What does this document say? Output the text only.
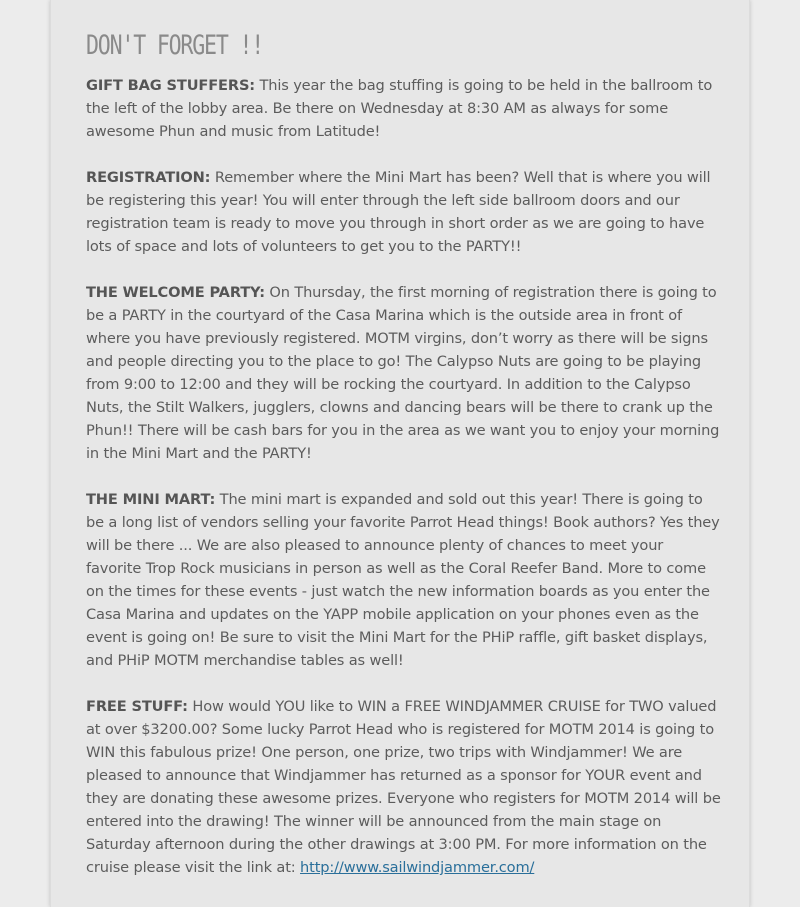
DON'T FORGET !!

GIFT BAG STUFFERS: This year the bag stuffing is going to be held in the ballroom to the left of the lobby area. Be there on Wednesday at 8:30 AM as always for some awesome Phun and music from Latitude!

REGISTRATION: Remember where the Mini Mart has been? Well that is where you will be registering this year! You will enter through the left side ballroom doors and our registration team is ready to move you through in short order as we are going to have lots of space and lots of volunteers to get you to the PARTY!!

THE WELCOME PARTY: On Thursday, the first morning of registration there is going to be a PARTY in the courtyard of the Casa Marina which is the outside area in front of where you have previously registered. MOTM virgins, don’t worry as there will be signs and people directing you to the place to go! The Calypso Nuts are going to be playing from 9:00 to 12:00 and they will be rocking the courtyard. In addition to the Calypso Nuts, the Stilt Walkers, jugglers, clowns and dancing bears will be there to crank up the Phun!! There will be cash bars for you in the area as we want you to enjoy your morning in the Mini Mart and the PARTY!

THE MINI MART: The mini mart is expanded and sold out this year! There is going to be a long list of vendors selling your favorite Parrot Head things! Book authors? Yes they will be there ... We are also pleased to announce plenty of chances to meet your favorite Trop Rock musicians in person as well as the Coral Reefer Band. More to come on the times for these events - just watch the new information boards as you enter the Casa Marina and updates on the YAPP mobile application on your phones even as the event is going on! Be sure to visit the Mini Mart for the PHiP raffle, gift basket displays, and PHiP MOTM merchandise tables as well!

FREE STUFF: How would YOU like to WIN a FREE WINDJAMMER CRUISE for TWO valued at over $3200.00? Some lucky Parrot Head who is registered for MOTM 2014 is going to WIN this fabulous prize! One person, one prize, two trips with Windjammer! We are pleased to announce that Windjammer has returned as a sponsor for YOUR event and they are donating these awesome prizes. Everyone who registers for MOTM 2014 will be entered into the drawing! The winner will be announced from the main stage on Saturday afternoon during the other drawings at 3:00 PM. For more information on the cruise please visit the link at: http://www.sailwindjammer.com/
